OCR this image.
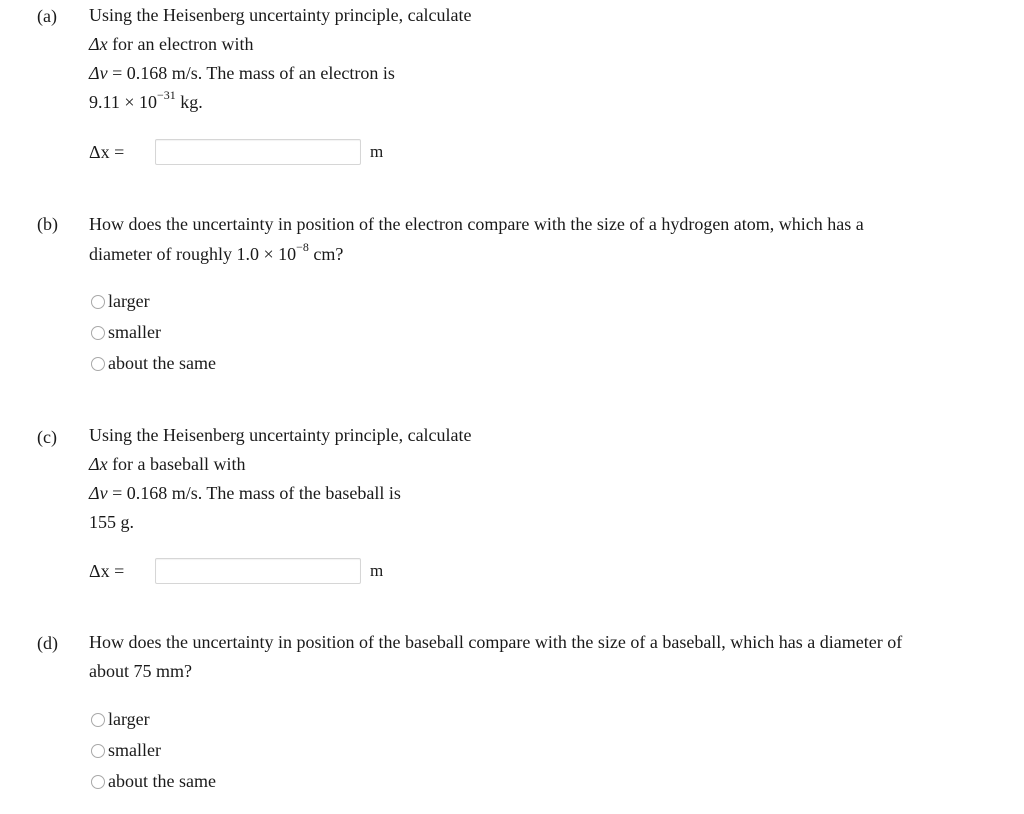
(a) Using the Heisenberg uncertainty principle, calculate
Δx for an electron with
Δv = 0.168 m/s. The mass of an electron is
$9.11 \times 10^{-31}$ kg.
Δx =	m
(b) How does the uncertainty in position of the electron compare with the size of a hydrogen atom, which has a
diameter of roughly $1.0 \times 10^{-8}$ cm?
larger
smaller
about the same
(c) Using the Heisenberg uncertainty principle, calculate
Δx for a baseball with
Δv = 0.168 m/s. The mass of the baseball is
155 g.
Δx =	m
(d) How does the uncertainty in position of the baseball compare with the size of a baseball, which has a diameter of
about 75 mm?
larger
smaller
about the same
